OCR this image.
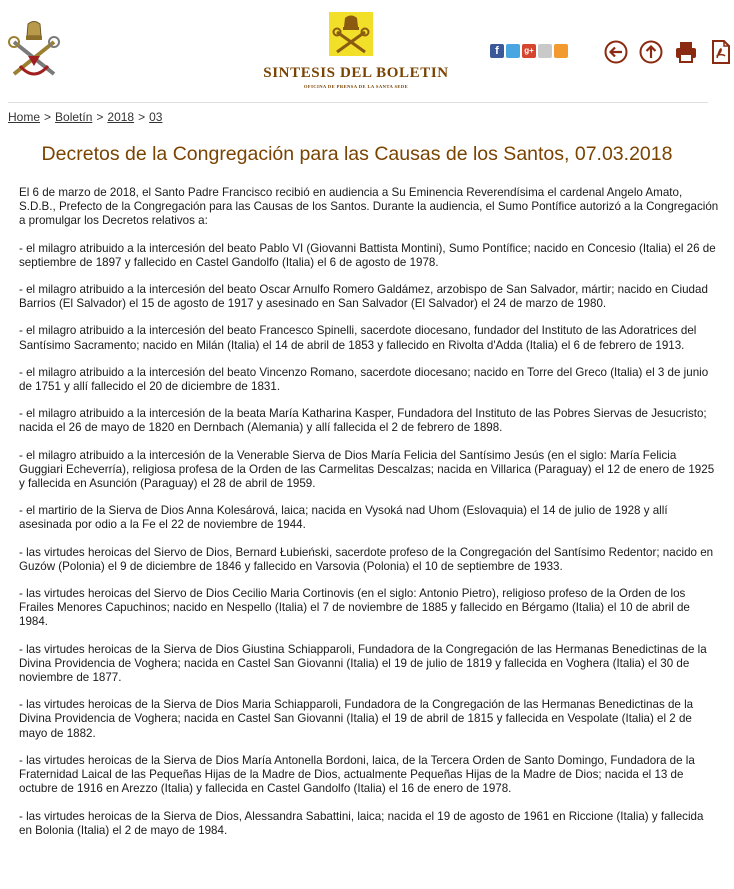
SINTESIS DEL BOLETIN
OFICINA DE PRENSA DE LA SANTA SEDE
f	g+
Home > Boletín > 2018 > 03
Decretos de la Congregación para las Causas de los Santos, 07.03.2018

El 6 de marzo de 2018, el Santo Padre Francisco recibió en audiencia a Su Eminencia Reverendísima el cardenal Angelo Amato, S.D.B., Prefecto de la Congregación para las Causas de los Santos. Durante la audiencia, el Sumo Pontífice autorizó a la Congregación a promulgar los Decretos relativos a:

- el milagro atribuido a la intercesión del beato Pablo VI (Giovanni Battista Montini), Sumo Pontífice; nacido en Concesio (Italia) el 26 de septiembre de 1897 y fallecido en Castel Gandolfo (Italia) el 6 de agosto de 1978.

- el milagro atribuido a la intercesión del beato Oscar Arnulfo Romero Galdámez, arzobispo de San Salvador, mártir; nacido en Ciudad Barrios (El Salvador) el 15 de agosto de 1917 y asesinado en San Salvador (El Salvador) el 24 de marzo de 1980.

- el milagro atribuido a la intercesión del beato Francesco Spinelli, sacerdote diocesano, fundador del Instituto de las Adoratrices del Santísimo Sacramento; nacido en Milán (Italia) el 14 de abril de 1853 y fallecido en Rivolta d'Adda (Italia) el 6 de febrero de 1913.

- el milagro atribuido a la intercesión del beato Vincenzo Romano, sacerdote diocesano; nacido en Torre del Greco (Italia) el 3 de junio de 1751 y allí fallecido el 20 de diciembre de 1831.

- el milagro atribuido a la intercesión de la beata María Katharina Kasper, Fundadora del Instituto de las Pobres Siervas de Jesucristo; nacida el 26 de mayo de 1820 en Dernbach (Alemania) y allí fallecida el 2 de febrero de 1898.

- el milagro atribuido a la intercesión de la Venerable Sierva de Dios María Felicia del Santísimo Jesús (en el siglo: María Felicia Guggiari Echeverría), religiosa profesa de la Orden de las Carmelitas Descalzas; nacida en Villarica (Paraguay) el 12 de enero de 1925 y fallecida en Asunción (Paraguay) el 28 de abril de 1959.

- el martirio de la Sierva de Dios Anna Kolesárová, laica; nacida en Vysoká nad Uhom (Eslovaquia) el 14 de julio de 1928 y allí asesinada por odio a la Fe el 22 de noviembre de 1944.

- las virtudes heroicas del Siervo de Dios, Bernard Łubieński, sacerdote profeso de la Congregación del Santísimo Redentor; nacido en Guzów (Polonia) el 9 de diciembre de 1846 y fallecido en Varsovia (Polonia) el 10 de septiembre de 1933.

- las virtudes heroicas del Siervo de Dios Cecilio Maria Cortinovis (en el siglo: Antonio Pietro), religioso profeso de la Orden de los Frailes Menores Capuchinos; nacido en Nespello (Italia) el 7 de noviembre de 1885 y fallecido en Bérgamo (Italia) el 10 de abril de 1984.

- las virtudes heroicas de la Sierva de Dios Giustina Schiapparoli, Fundadora de la Congregación de las Hermanas Benedictinas de la Divina Providencia de Voghera; nacida en Castel San Giovanni (Italia) el 19 de julio de 1819 y fallecida en Voghera (Italia) el 30 de noviembre de 1877.

- las virtudes heroicas de la Sierva de Dios Maria Schiapparoli, Fundadora de la Congregación de las Hermanas Benedictinas de la Divina Providencia de Voghera; nacida en Castel San Giovanni (Italia) el 19 de abril de 1815 y fallecida en Vespolate (Italia) el 2 de mayo de 1882.

- las virtudes heroicas de la Sierva de Dios María Antonella Bordoni, laica, de la Tercera Orden de Santo Domingo, Fundadora de la Fraternidad Laical de las Pequeñas Hijas de la Madre de Dios, actualmente Pequeñas Hijas de la Madre de Dios; nacida el 13 de octubre de 1916 en Arezzo (Italia) y fallecida en Castel Gandolfo (Italia) el 16 de enero de 1978.

- las virtudes heroicas de la Sierva de Dios, Alessandra Sabattini, laica; nacida el 19 de agosto de 1961 en Riccione (Italia) y fallecida en Bolonia (Italia) el 2 de mayo de 1984.
